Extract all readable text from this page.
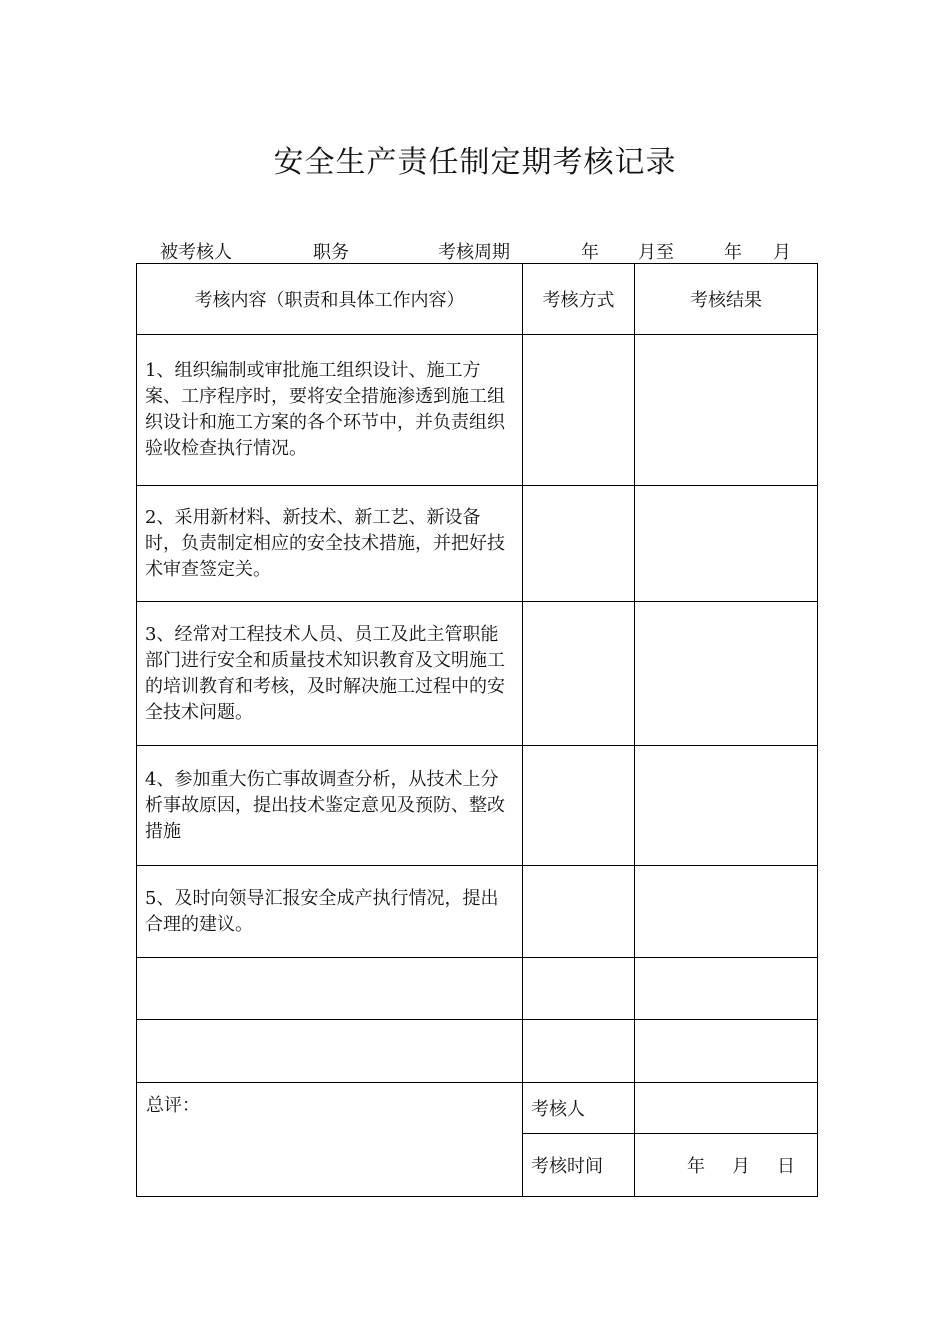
安全生产责任制定期考核记录
被考核人	职务	考核周期	年 月至	年 月
考核内容（职责和具体工作内容）	考核方式	考核结果
1、组织编制或审批施工组织设计、施工方案、工序程序时，要将安全措施渗透到施工组织设计和施工方案的各个环节中，并负责组织验收检查执行情况。		
2、采用新材料、新技术、新工艺、新设备时，负责制定相应的安全技术措施，并把好技术审查签定关。		
3、经常对工程技术人员、员工及此主管职能部门进行安全和质量技术知识教育及文明施工的培训教育和考核，及时解决施工过程中的安全技术问题。		
4、参加重大伤亡事故调查分析，从技术上分析事故原因，提出技术鉴定意见及预防、整改措施		
5、及时向领导汇报安全成产执行情况，提出合理的建议。		

总评：	考核人	
	考核时间	年 月 日
